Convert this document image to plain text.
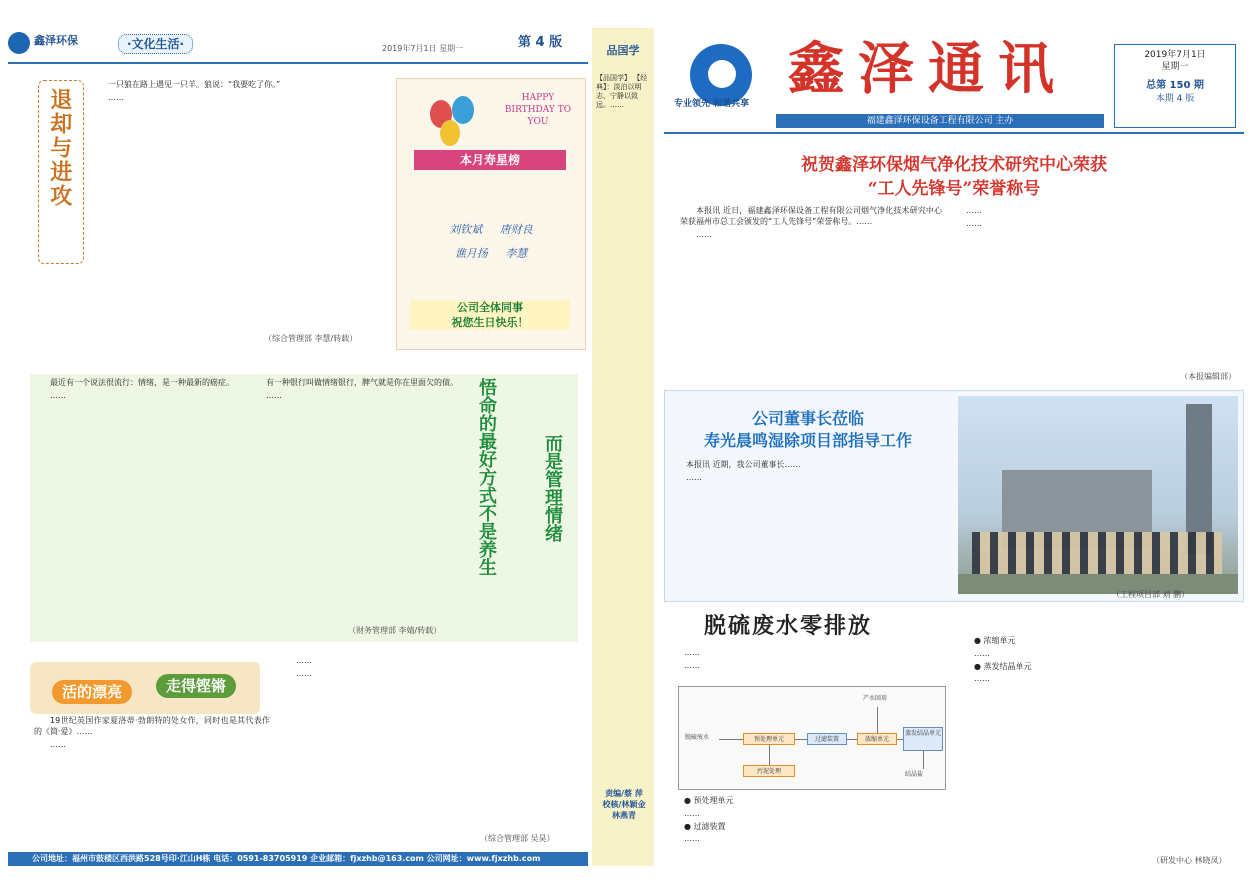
鑫泽环保	·文化生活·	2019年7月1日 星期一	第 4 版
退却与进攻

一只狼在路上遇见一只羊。狼说：“我要吃了你。”

……

（综合管理部 李慧/转载）
HAPPY BIRTHDAY TO YOU
本月寿星榜
刘钦斌 唐财良
谯月扬 李慧
公司全体同事
祝您生日快乐！

最近有一个说法很流行：情绪，是一种最新的癌症。

……

有一种银行叫做情绪银行，脾气就是你在里面欠的债。

……	悟命的最好方式不是养生	而是管理情绪
（财务管理部 李婧/转载）
活的漂亮	走得铿锵

19世纪英国作家夏洛蒂·勃朗特的处女作，同时也是其代表作的《简·爱》……

……

……

……

（综合管理部 吴昊）
公司地址：福州市鼓楼区西洪路528号印·江山H栋 电话：0591-83705919 企业邮箱：fjxzhb@163.com 公司网址：www.fjxzhb.com
品国学
【品国学】 【经典】：淡泊以明志，宁静以致远。……
责编/蔡 萍
校核/林颖金
林燕青
专业领先 和谐共享
鑫泽通讯
福建鑫泽环保设备工程有限公司 主办
2019年7月1日
星期一
总第 150 期
本期 4 版
祝贺鑫泽环保烟气净化技术研究中心荣获
“工人先锋号”荣誉称号

本报讯 近日，福建鑫泽环保设备工程有限公司烟气净化技术研究中心荣获福州市总工会颁发的“工人先锋号”荣誉称号。……

……

……

……

（本报编辑部）
公司董事长莅临
寿光晨鸣湿除项目部指导工作

本报讯 近期，我公司董事长……

……

（工程项目部 刘 鹏）
脱硫废水零排放

……

……

脱硫废水	预处理单元	过滤装置	浓缩单元
蒸发结晶单元
产水回用
污泥处理	结晶盐

● 预处理单元

……

● 过滤装置

……

● 浓缩单元

……

● 蒸发结晶单元

……

（研发中心 林晓凤）
